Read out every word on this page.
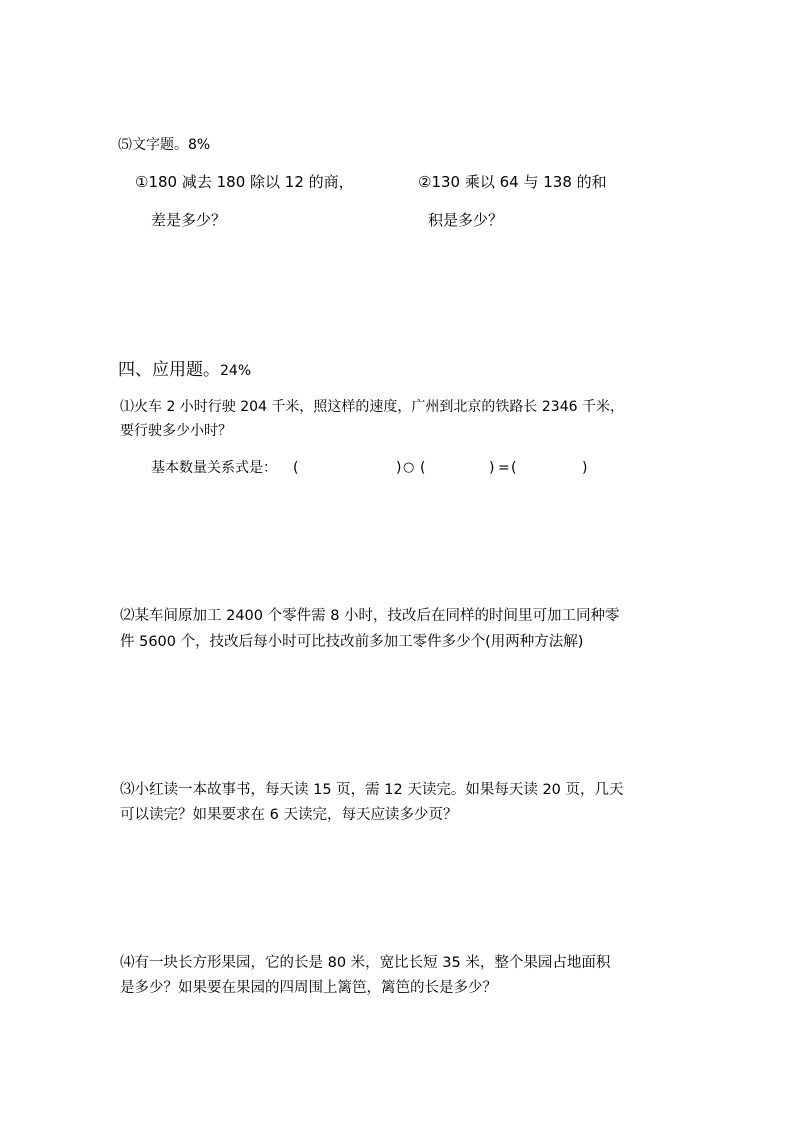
⑸文字题。8%
①180 减去 180 除以 12 的商，	②130 乘以 64 与 138 的和
差是多少？	积是多少？
四、应用题。24%
⑴火车 2 小时行驶 204 千米，照这样的速度，广州到北京的铁路长 2346 千米，
要行驶多少小时？
基本数量关系式是： (	) ○ (	) = (	)
⑵某车间原加工 2400 个零件需 8 小时，技改后在同样的时间里可加工同种零
件 5600 个，技改后每小时可比技改前多加工零件多少个(用两种方法解)
⑶小红读一本故事书，每天读 15 页，需 12 天读完。如果每天读 20 页，几天
可以读完？如果要求在 6 天读完，每天应读多少页？
⑷有一块长方形果园，它的长是 80 米，宽比长短 35 米，整个果园占地面积
是多少？如果要在果园的四周围上篱笆，篱笆的长是多少？
